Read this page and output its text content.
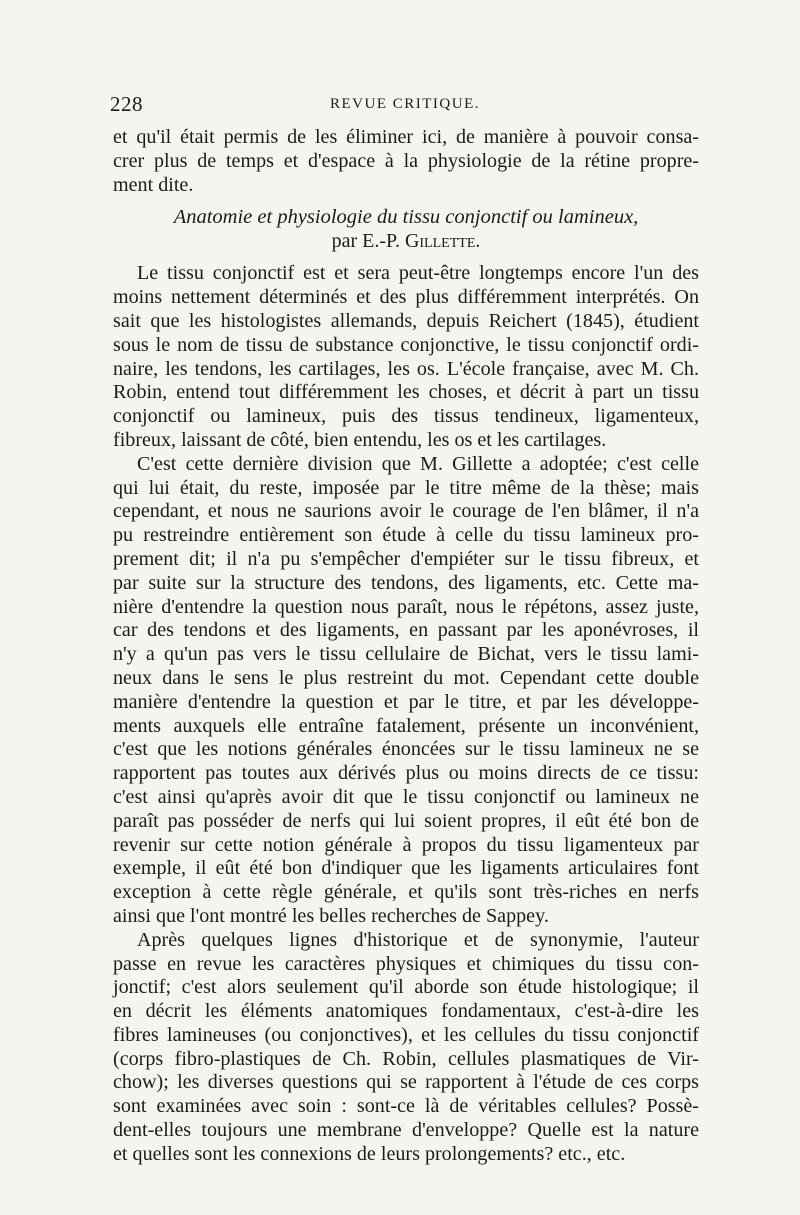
228	REVUE CRITIQUE.
et qu'il était permis de les éliminer ici, de manière à pouvoir consa-
crer plus de temps et d'espace à la physiologie de la rétine propre-
ment dite.
Anatomie et physiologie du tissu conjonctif ou lamineux,
par E.-P. Gillette.
Le tissu conjonctif est et sera peut-être longtemps encore l'un des
moins nettement déterminés et des plus différemment interprétés. On
sait que les histologistes allemands, depuis Reichert (1845), étudient
sous le nom de tissu de substance conjonctive, le tissu conjonctif ordi-
naire, les tendons, les cartilages, les os. L'école française, avec M. Ch.
Robin, entend tout différemment les choses, et décrit à part un tissu
conjonctif ou lamineux, puis des tissus tendineux, ligamenteux,
fibreux, laissant de côté, bien entendu, les os et les cartilages.
C'est cette dernière division que M. Gillette a adoptée; c'est celle
qui lui était, du reste, imposée par le titre même de la thèse; mais
cependant, et nous ne saurions avoir le courage de l'en blâmer, il n'a
pu restreindre entièrement son étude à celle du tissu lamineux pro-
prement dit; il n'a pu s'empêcher d'empiéter sur le tissu fibreux, et
par suite sur la structure des tendons, des ligaments, etc. Cette ma-
nière d'entendre la question nous paraît, nous le répétons, assez juste,
car des tendons et des ligaments, en passant par les aponévroses, il
n'y a qu'un pas vers le tissu cellulaire de Bichat, vers le tissu lami-
neux dans le sens le plus restreint du mot. Cependant cette double
manière d'entendre la question et par le titre, et par les développe-
ments auxquels elle entraîne fatalement, présente un inconvénient,
c'est que les notions générales énoncées sur le tissu lamineux ne se
rapportent pas toutes aux dérivés plus ou moins directs de ce tissu:
c'est ainsi qu'après avoir dit que le tissu conjonctif ou lamineux ne
paraît pas posséder de nerfs qui lui soient propres, il eût été bon de
revenir sur cette notion générale à propos du tissu ligamenteux par
exemple, il eût été bon d'indiquer que les ligaments articulaires font
exception à cette règle générale, et qu'ils sont très-riches en nerfs
ainsi que l'ont montré les belles recherches de Sappey.
Après quelques lignes d'historique et de synonymie, l'auteur
passe en revue les caractères physiques et chimiques du tissu con-
jonctif; c'est alors seulement qu'il aborde son étude histologique; il
en décrit les éléments anatomiques fondamentaux, c'est-à-dire les
fibres lamineuses (ou conjonctives), et les cellules du tissu conjonctif
(corps fibro-plastiques de Ch. Robin, cellules plasmatiques de Vir-
chow); les diverses questions qui se rapportent à l'étude de ces corps
sont examinées avec soin : sont-ce là de véritables cellules? Possè-
dent-elles toujours une membrane d'enveloppe? Quelle est la nature
et quelles sont les connexions de leurs prolongements? etc., etc.
